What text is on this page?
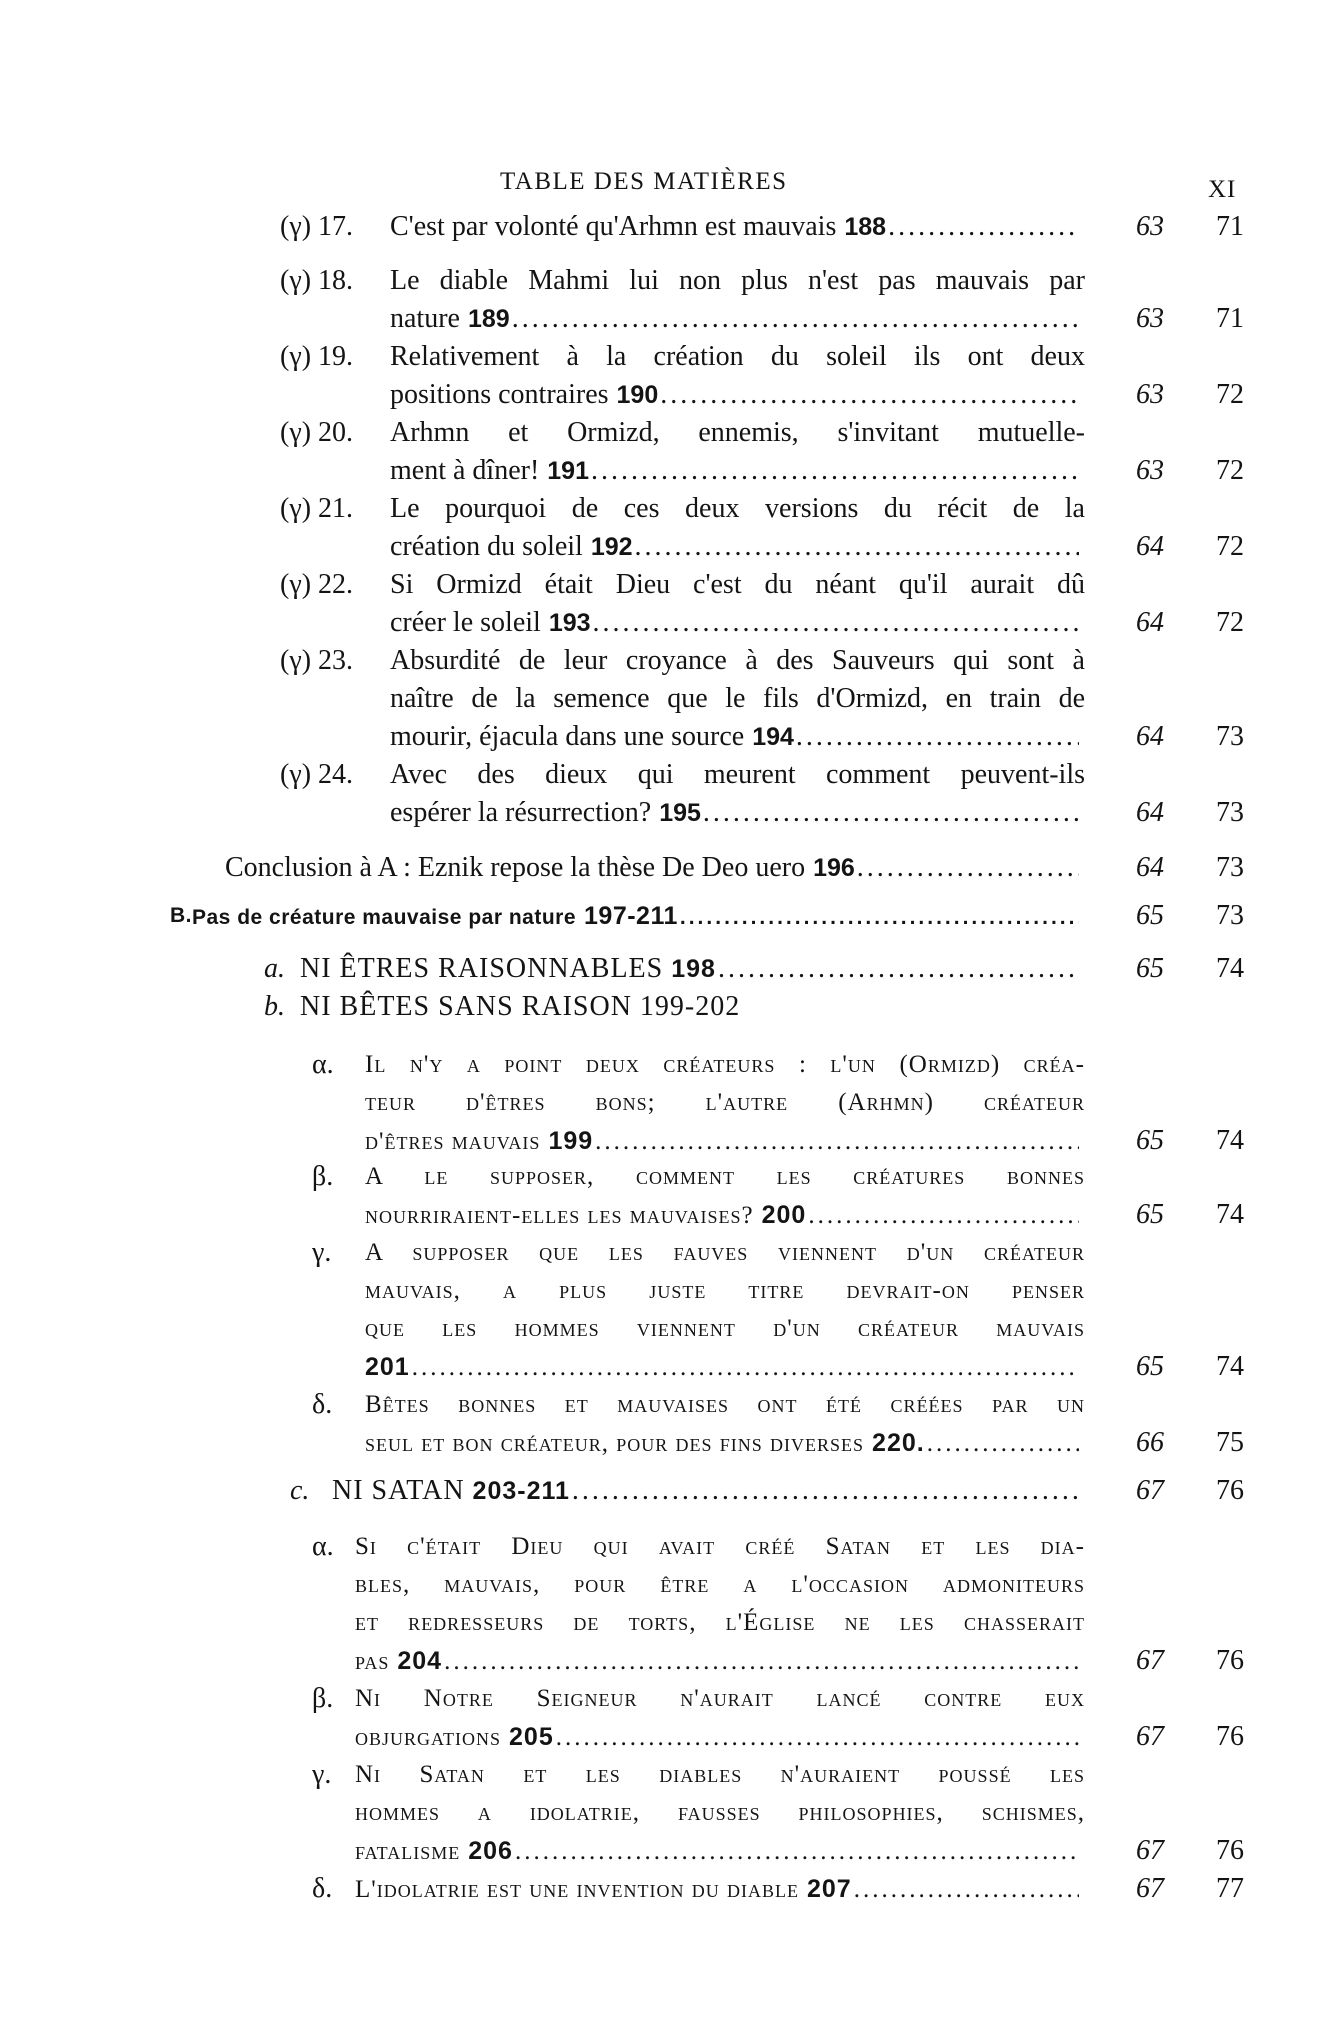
TABLE DES MATIÈRES	XI
(γ) 17. C'est par volonté qu'Arhmn est mauvais 188 .....	63	71
(γ) 18. Le diable Mahmi lui non plus n'est pas mauvais par
nature 189 .....	63	71
(γ) 19. Relativement à la création du soleil ils ont deux
positions contraires 190 .....	63	72
(γ) 20. Arhmn et Ormizd, ennemis, s'invitant mutuelle-
ment à dîner! 191 .....	63	72
(γ) 21. Le pourquoi de ces deux versions du récit de la
création du soleil 192 .....	64	72
(γ) 22. Si Ormizd était Dieu c'est du néant qu'il aurait dû
créer le soleil 193 .....	64	72
(γ) 23. Absurdité de leur croyance à des Sauveurs qui sont à
naître de la semence que le fils d'Ormizd, en train de
mourir, éjacula dans une source 194 .....	64	73
(γ) 24. Avec des dieux qui meurent comment peuvent-ils
espérer la résurrection? 195 .....	64	73
Conclusion à A : Eznik repose la thèse De Deo uero 196 .....	64	73
B. Pas de créature mauvaise par nature 197-211 .....	65	73
a. NI ÊTRES RAISONNABLES 198 .....	65	74
b. NI BÊTES SANS RAISON 199-202
α. Il n'y a point deux créateurs : l'un (Ormizd) créa-
teur d'êtres bons; l'autre (Arhmn) créateur
d'êtres mauvais 199 .....	65	74
β. A le supposer, comment les créatures bonnes
nourriraient-elles les mauvaises? 200 .....	65	74
γ. A supposer que les fauves viennent d'un créateur
mauvais, a plus juste titre devrait-on penser
que les hommes viennent d'un créateur mauvais
201 .....	65	74
δ. Bêtes bonnes et mauvaises ont été créées par un
seul et bon créateur, pour des fins diverses 220. .....	66	75
c. NI SATAN 203-211 .....	67	76
α. Si c'était Dieu qui avait créé Satan et les dia-
bles, mauvais, pour être a l'occasion admoniteurs
et redresseurs de torts, l'Église ne les chasserait
pas 204 .....	67	76
β. Ni Notre Seigneur n'aurait lancé contre eux
objurgations 205 .....	67	76
γ. Ni Satan et les diables n'auraient poussé les
hommes a idolatrie, fausses philosophies, schismes,
fatalisme 206 .....	67	76
δ. L'idolatrie est une invention du diable 207 .....	67	77
